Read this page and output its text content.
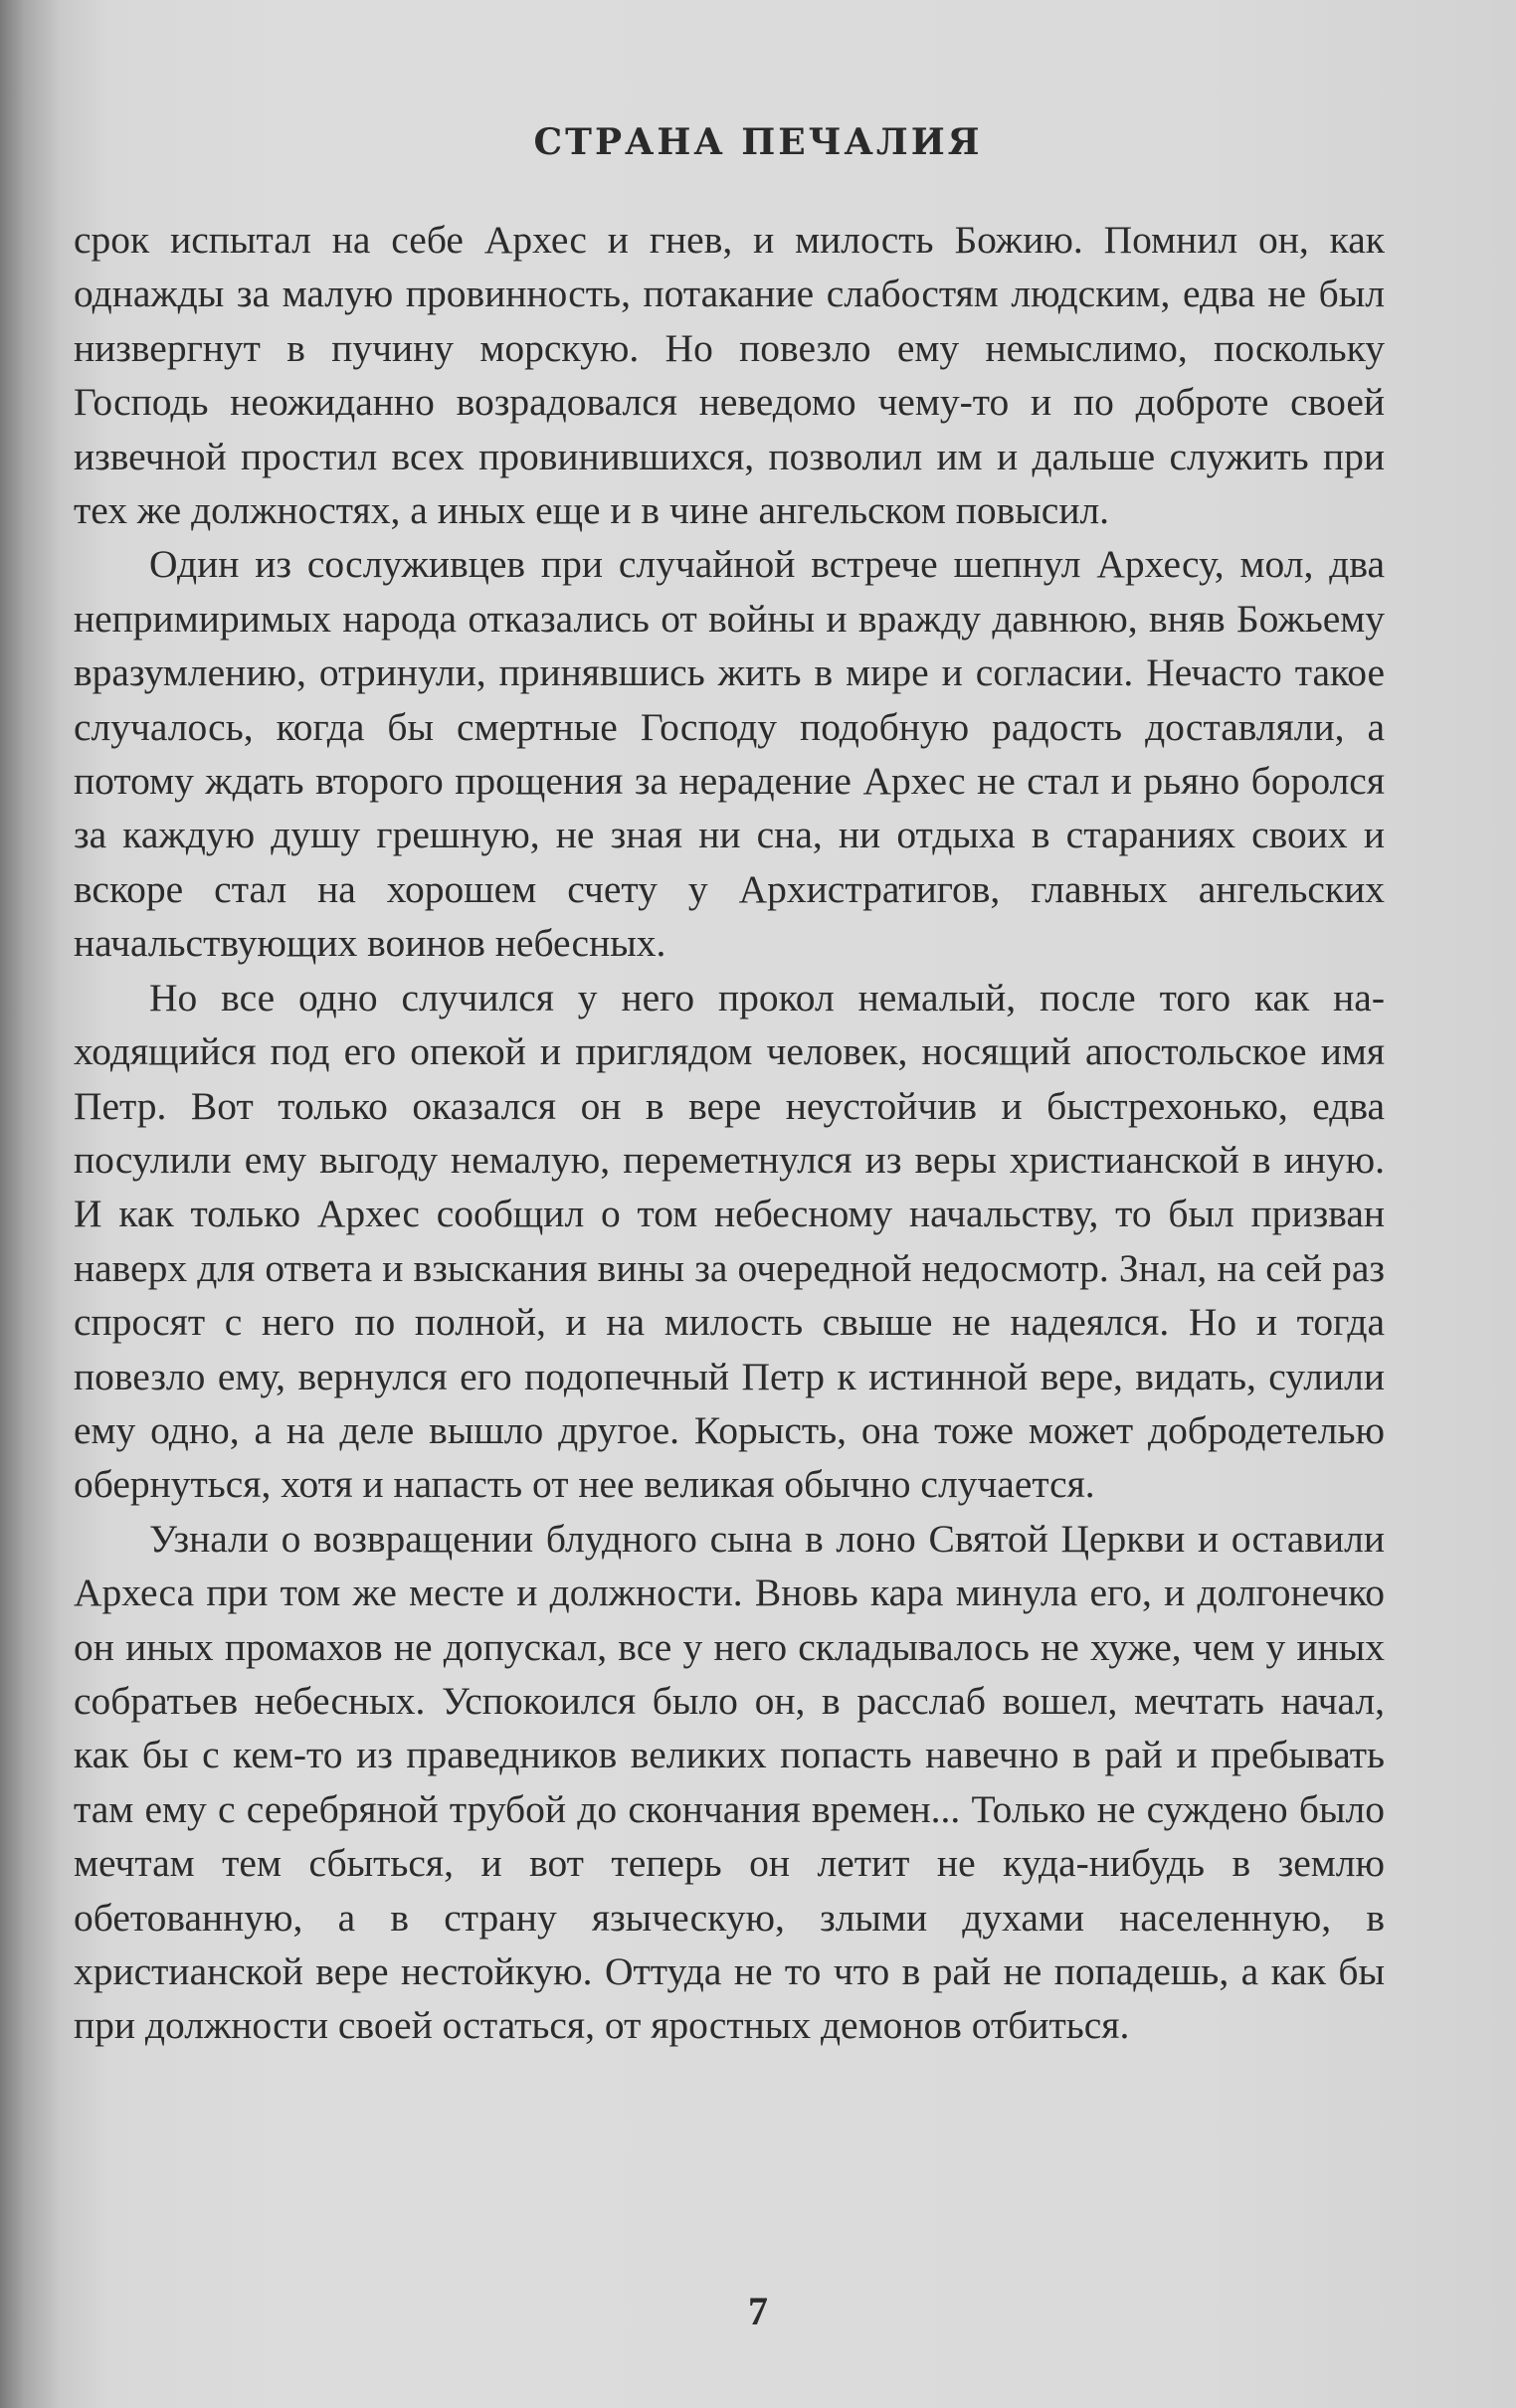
СТРАНА ПЕЧАЛИЯ

срок испытал на себе Архес и гнев, и милость Божию. Помнил он, как однажды за малую провинность, потакание слабостям людским, едва не был низвергнут в пучину морскую. Но повезло ему немыслимо, поскольку Господь неожиданно возрадовался неведомо чему-то и по доброте своей извечной простил всех провинившихся, позволил им и дальше служить при тех же должностях, а иных еще и в чине ангельском повысил.

Один из сослуживцев при случайной встрече шепнул Архесу, мол, два непримиримых народа отказались от войны и вражду давнюю, вняв Божьему вразумлению, отринули, принявшись жить в мире и согласии. Нечасто такое случалось, когда бы смертные Господу подобную радость доставляли, а потому ждать второго прощения за нерадение Архес не стал и рьяно боролся за каждую душу грешную, не зная ни сна, ни отдыха в стараниях своих и вскоре стал на хорошем счету у Архистратигов, главных ангельских начальствующих воинов небесных.

Но все одно случился у него прокол немалый, после того как находящийся под его опекой и приглядом человек, носящий апостольское имя Петр. Вот только оказался он в вере неустойчив и быстрехонько, едва посулили ему выгоду немалую, переметнулся из веры христианской в иную. И как только Архес сообщил о том небесному начальству, то был призван наверх для ответа и взыскания вины за очередной недосмотр. Знал, на сей раз спросят с него по полной, и на милость свыше не надеялся. Но и тогда повезло ему, вернулся его подопечный Петр к истинной вере, видать, сулили ему одно, а на деле вышло другое. Корысть, она тоже может добродетелью обернуться, хотя и напасть от нее великая обычно случается.

Узнали о возвращении блудного сына в лоно Святой Церкви и оставили Археса при том же месте и должности. Вновь кара минула его, и долгонечко он иных промахов не допускал, все у него складывалось не хуже, чем у иных собратьев небесных. Успокоился было он, в расслаб вошел, мечтать начал, как бы с кем-то из праведников великих попасть навечно в рай и пребывать там ему с серебряной трубой до скончания времен... Только не суждено было мечтам тем сбыться, и вот теперь он летит не куда-нибудь в землю обетованную, а в страну языческую, злыми духами населенную, в христианской вере нестойкую. Оттуда не то что в рай не попадешь, а как бы при должности своей остаться, от яростных демонов отбиться.

7
